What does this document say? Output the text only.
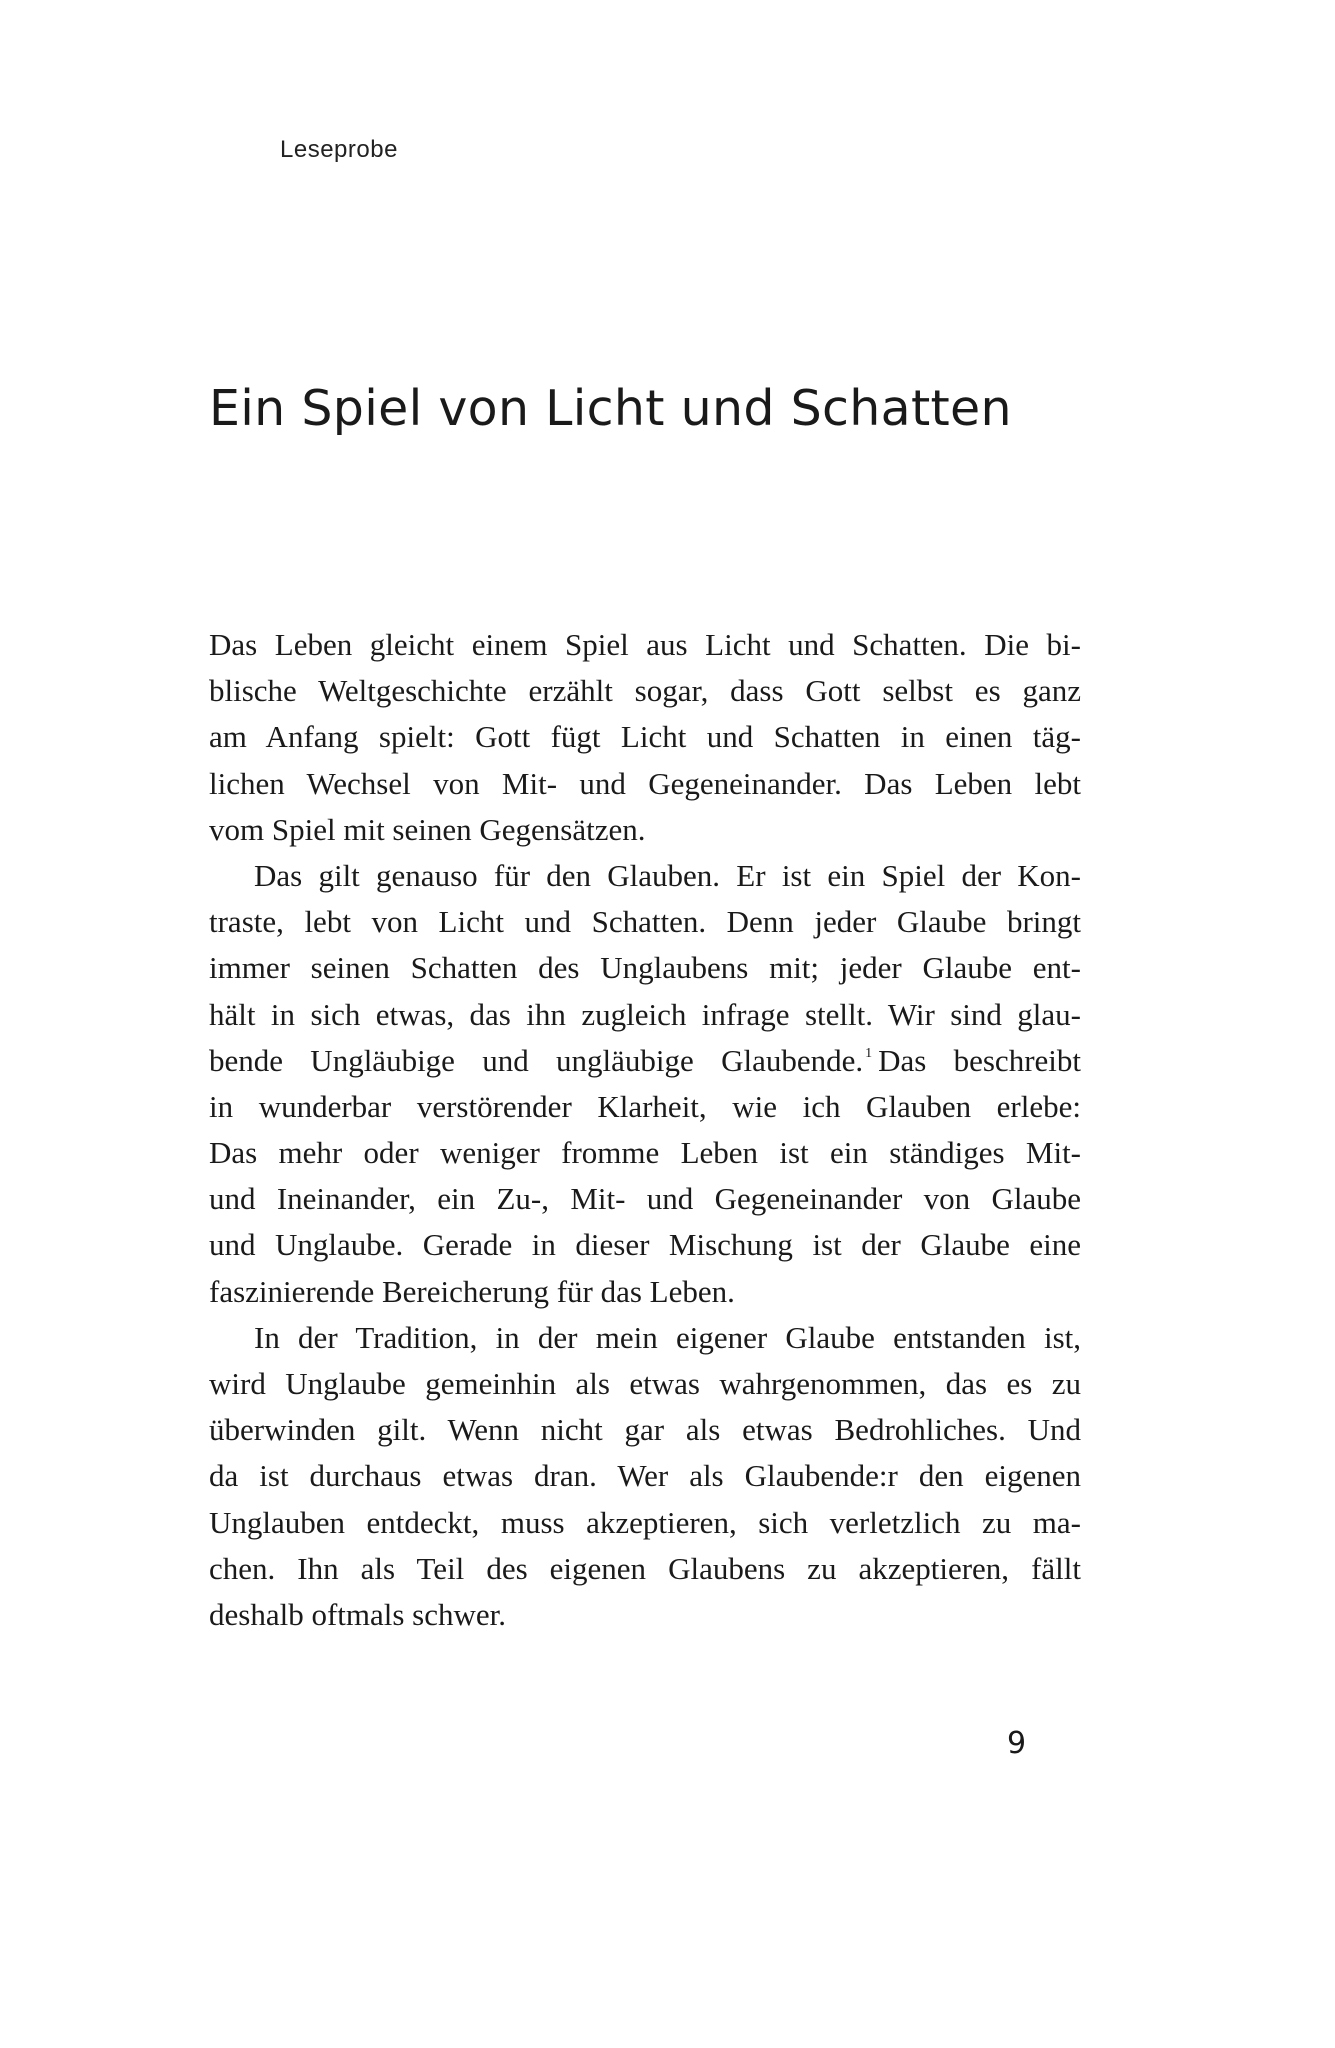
Leseprobe
Ein Spiel von Licht und Schatten

Das Leben gleicht einem Spiel aus Licht und Schatten. Die bi-
blische Weltgeschichte erzählt sogar, dass Gott selbst es ganz
am Anfang spielt: Gott fügt Licht und Schatten in einen täg-
lichen Wechsel von Mit- und Gegeneinander. Das Leben lebt
vom Spiel mit seinen Gegensätzen.

Das gilt genauso für den Glauben. Er ist ein Spiel der Kon-
traste, lebt von Licht und Schatten. Denn jeder Glaube bringt
immer seinen Schatten des Unglaubens mit; jeder Glaube ent-
hält in sich etwas, das ihn zugleich infrage stellt. Wir sind glau-
bende Ungläubige und ungläubige Glaubende. $^1$ Das beschreibt
in wunderbar verstörender Klarheit, wie ich Glauben erlebe:
Das mehr oder weniger fromme Leben ist ein ständiges Mit-
und Ineinander, ein Zu-, Mit- und Gegeneinander von Glaube
und Unglaube. Gerade in dieser Mischung ist der Glaube eine
faszinierende Bereicherung für das Leben.

In der Tradition, in der mein eigener Glaube entstanden ist,
wird Unglaube gemeinhin als etwas wahrgenommen, das es zu
überwinden gilt. Wenn nicht gar als etwas Bedrohliches. Und
da ist durchaus etwas dran. Wer als Glaubende:r den eigenen
Unglauben entdeckt, muss akzeptieren, sich verletzlich zu ma-
chen. Ihn als Teil des eigenen Glaubens zu akzeptieren, fällt
deshalb oftmals schwer.

9
